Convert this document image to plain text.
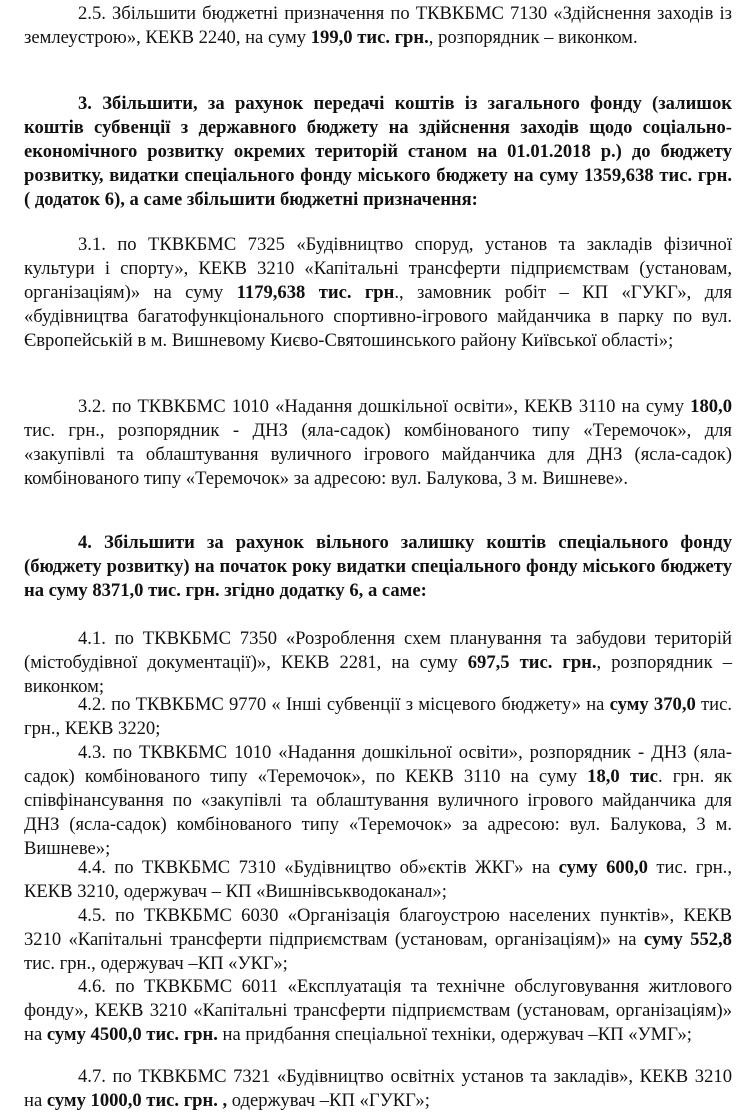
2.5. Збільшити бюджетні призначення по ТКВКБМС 7130 «Здійснення заходів із землеустрою», КЕКВ 2240, на суму 199,0 тис. грн., розпорядник – виконком.

3. Збільшити, за рахунок передачі коштів із загального фонду (залишок коштів субвенції з державного бюджету на здійснення заходів щодо соціально-економічного розвитку окремих територій станом на 01.01.2018 р.) до бюджету розвитку, видатки спеціального фонду міського бюджету на суму 1359,638 тис. грн. ( додаток 6), а саме збільшити бюджетні призначення:

3.1. по ТКВКБМС 7325 «Будівництво споруд, установ та закладів фізичної культури і спорту», КЕКВ 3210 «Капітальні трансферти підприємствам (установам, організаціям)» на суму 1179,638 тис. грн., замовник робіт – КП «ГУКГ», для «будівництва багатофункціонального спортивно-ігрового майданчика в парку по вул. Європейській в м. Вишневому Києво-Святошинського району Київської області»;

3.2. по ТКВКБМС 1010 «Надання дошкільної освіти», КЕКВ 3110 на суму 180,0 тис. грн., розпорядник - ДНЗ (яла-садок) комбінованого типу «Теремочок», для «закупівлі та облаштування вуличного ігрового майданчика для ДНЗ (ясла-садок) комбінованого типу «Теремочок» за адресою: вул. Балукова, 3 м. Вишневе».

4. Збільшити за рахунок вільного залишку коштів спеціального фонду (бюджету розвитку) на початок року видатки спеціального фонду міського бюджету на суму 8371,0 тис. грн. згідно додатку 6, а саме:

4.1. по ТКВКБМС 7350 «Розроблення схем планування та забудови територій (містобудівної документації)», КЕКВ 2281, на суму 697,5 тис. грн., розпорядник – виконком;

4.2. по ТКВКБМС 9770 « Інші субвенції з місцевого бюджету» на суму 370,0 тис. грн., КЕКВ 3220;

4.3. по ТКВКБМС 1010 «Надання дошкільної освіти», розпорядник - ДНЗ (яла-садок) комбінованого типу «Теремочок», по КЕКВ 3110 на суму 18,0 тис. грн. як співфінансування по «закупівлі та облаштування вуличного ігрового майданчика для ДНЗ (ясла-садок) комбінованого типу «Теремочок» за адресою: вул. Балукова, 3 м. Вишневе»;

4.4. по ТКВКБМС 7310 «Будівництво об»єктів ЖКГ» на суму 600,0 тис. грн., КЕКВ 3210, одержувач – КП «Вишнівськводоканал»;

4.5. по ТКВКБМС 6030 «Організація благоустрою населених пунктів», КЕКВ 3210 «Капітальні трансферти підприємствам (установам, організаціям)» на суму 552,8 тис. грн., одержувач –КП «УКГ»;

4.6. по ТКВКБМС 6011 «Експлуатація та технічне обслуговування житлового фонду», КЕКВ 3210 «Капітальні трансферти підприємствам (установам, організаціям)» на суму 4500,0 тис. грн. на придбання спеціальної техніки, одержувач –КП «УМГ»;

4.7. по ТКВКБМС 7321 «Будівництво освітніх установ та закладів», КЕКВ 3210 на суму 1000,0 тис. грн. , одержувач –КП «ГУКГ»;
